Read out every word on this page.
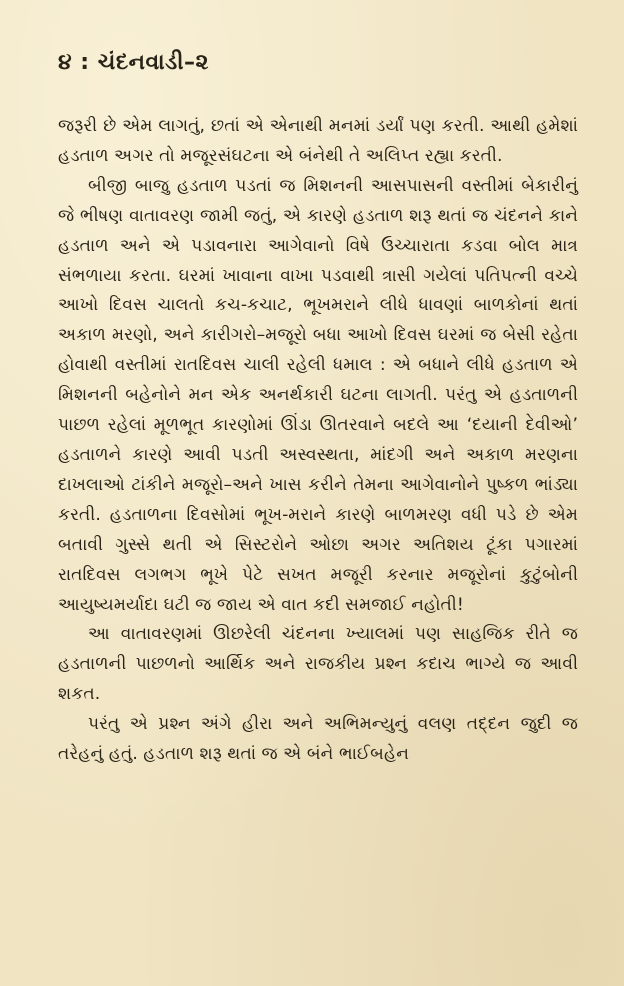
૪ : ચંદનવાડી–૨

જરૂરી છે એમ લાગતું, છતાં એ એનાથી મનમાં ડર્યાં પણ કરતી. આથી હમેશાં હડતાળ અગર તો મજૂરસંઘટના એ બંનેથી તે અલિપ્ત રહ્યા કરતી.

બીજી બાજુ હડતાળ પડતાં જ મિશનની આસપાસની વસ્તીમાં બેકારીનું જે ભીષણ વાતાવરણ જામી જતું, એ કારણે હડતાળ શરૂ થતાં જ ચંદનને કાને હડતાળ અને એ પડાવનારા આગેવાનો વિષે ઉચ્ચારાતા કડવા બોલ માત્ર સંભળાયા કરતા. ઘરમાં ખાવાના વાખા પડવાથી ત્રાસી ગયેલાં પતિપત્ની વચ્ચે આખો દિવસ ચાલતો કચ-કચાટ, ભૂખમરાને લીધે ધાવણાં બાળકોનાં થતાં અકાળ મરણો, અને કારીગરો–મજૂરો બધા આખો દિવસ ઘરમાં જ બેસી રહેતા હોવાથી વસ્તીમાં રાતદિવસ ચાલી રહેલી ધમાલ : એ બધાને લીધે હડતાળ એ મિશનની બહેનોને મન એક અનર્થકારી ઘટના લાગતી. પરંતુ એ હડતાળની પાછળ રહેલાં મૂળભૂત કારણોમાં ઊંડા ઊતરવાને બદલે આ ‘દયાની દેવીઓ’ હડતાળને કારણે આવી પડતી અસ્વસ્થતા, માંદગી અને અકાળ મરણના દાખલાઓ ટાંકીને મજૂરો–અને ખાસ કરીને તેમના આગેવાનોને પુષ્કળ ભાંડ્યા કરતી. હડતાળના દિવસોમાં ભૂખ-મરાને કારણે બાળમરણ વધી પડે છે એમ બતાવી ગુસ્સે થતી એ સિસ્ટરોને ઓછા અગર અતિશય ટૂંકા પગારમાં રાતદિવસ લગભગ ભૂખે પેટે સખત મજૂરી કરનાર મજૂરોનાં કુટુંબોની આયુષ્યમર્યાદા ઘટી જ જાય એ વાત કદી સમજાઈ નહોતી!

આ વાતાવરણમાં ઊછરેલી ચંદનના ખ્યાલમાં પણ સાહજિક રીતે જ હડતાળની પાછળનો આર્થિક અને રાજકીય પ્રશ્ન કદાચ ભાગ્યે જ આવી શકત.

પરંતુ એ પ્રશ્ન અંગે હીરા અને અભિમન્યુનું વલણ તદ્દન જુદી જ તરેહનું હતું. હડતાળ શરૂ થતાં જ એ બંને ભાઈબહેન
